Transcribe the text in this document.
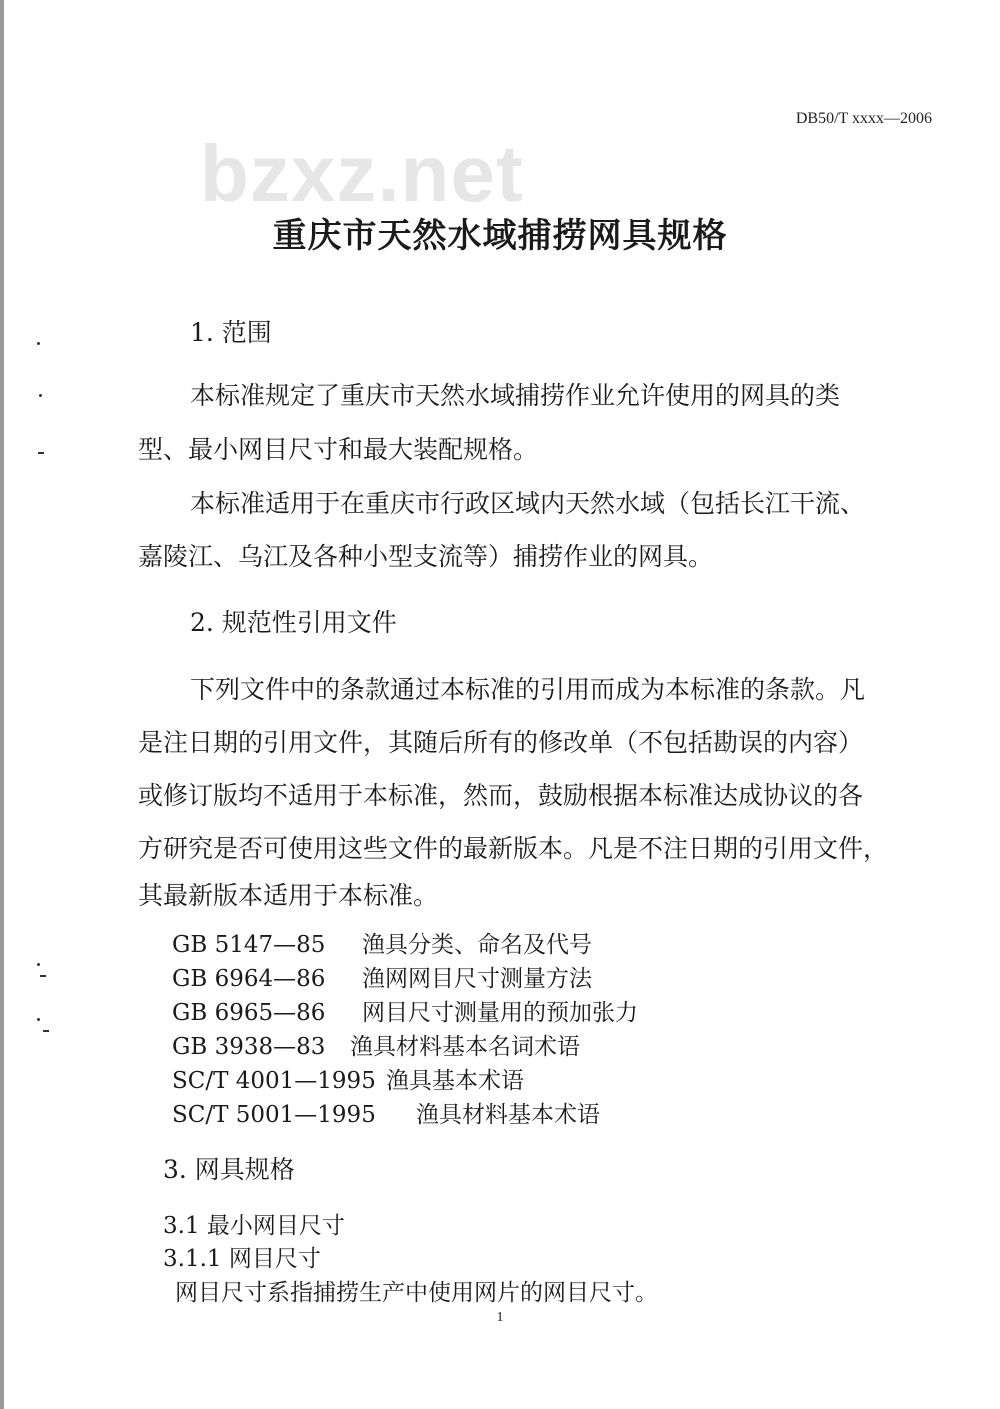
DB50/T xxxx—2006
bzxz.net
重庆市天然水域捕捞网具规格
1. 范围
本标准规定了重庆市天然水域捕捞作业允许使用的网具的类
型、最小网目尺寸和最大装配规格。
本标准适用于在重庆市行政区域内天然水域（包括长江干流、
嘉陵江、乌江及各种小型支流等）捕捞作业的网具。
2. 规范性引用文件
下列文件中的条款通过本标准的引用而成为本标准的条款。凡
是注日期的引用文件，其随后所有的修改单（不包括勘误的内容）
或修订版均不适用于本标准，然而，鼓励根据本标准达成协议的各
方研究是否可使用这些文件的最新版本。凡是不注日期的引用文件，
其最新版本适用于本标准。
GB 5147—85 渔具分类、命名及代号
GB 6964—86 渔网网目尺寸测量方法
GB 6965—86 网目尺寸测量用的预加张力
GB 3938—83 渔具材料基本名词术语
SC/T 4001—1995 渔具基本术语
SC/T 5001—1995 渔具材料基本术语
3. 网具规格
3.1 最小网目尺寸
3.1.1 网目尺寸
网目尺寸系指捕捞生产中使用网片的网目尺寸。
1
